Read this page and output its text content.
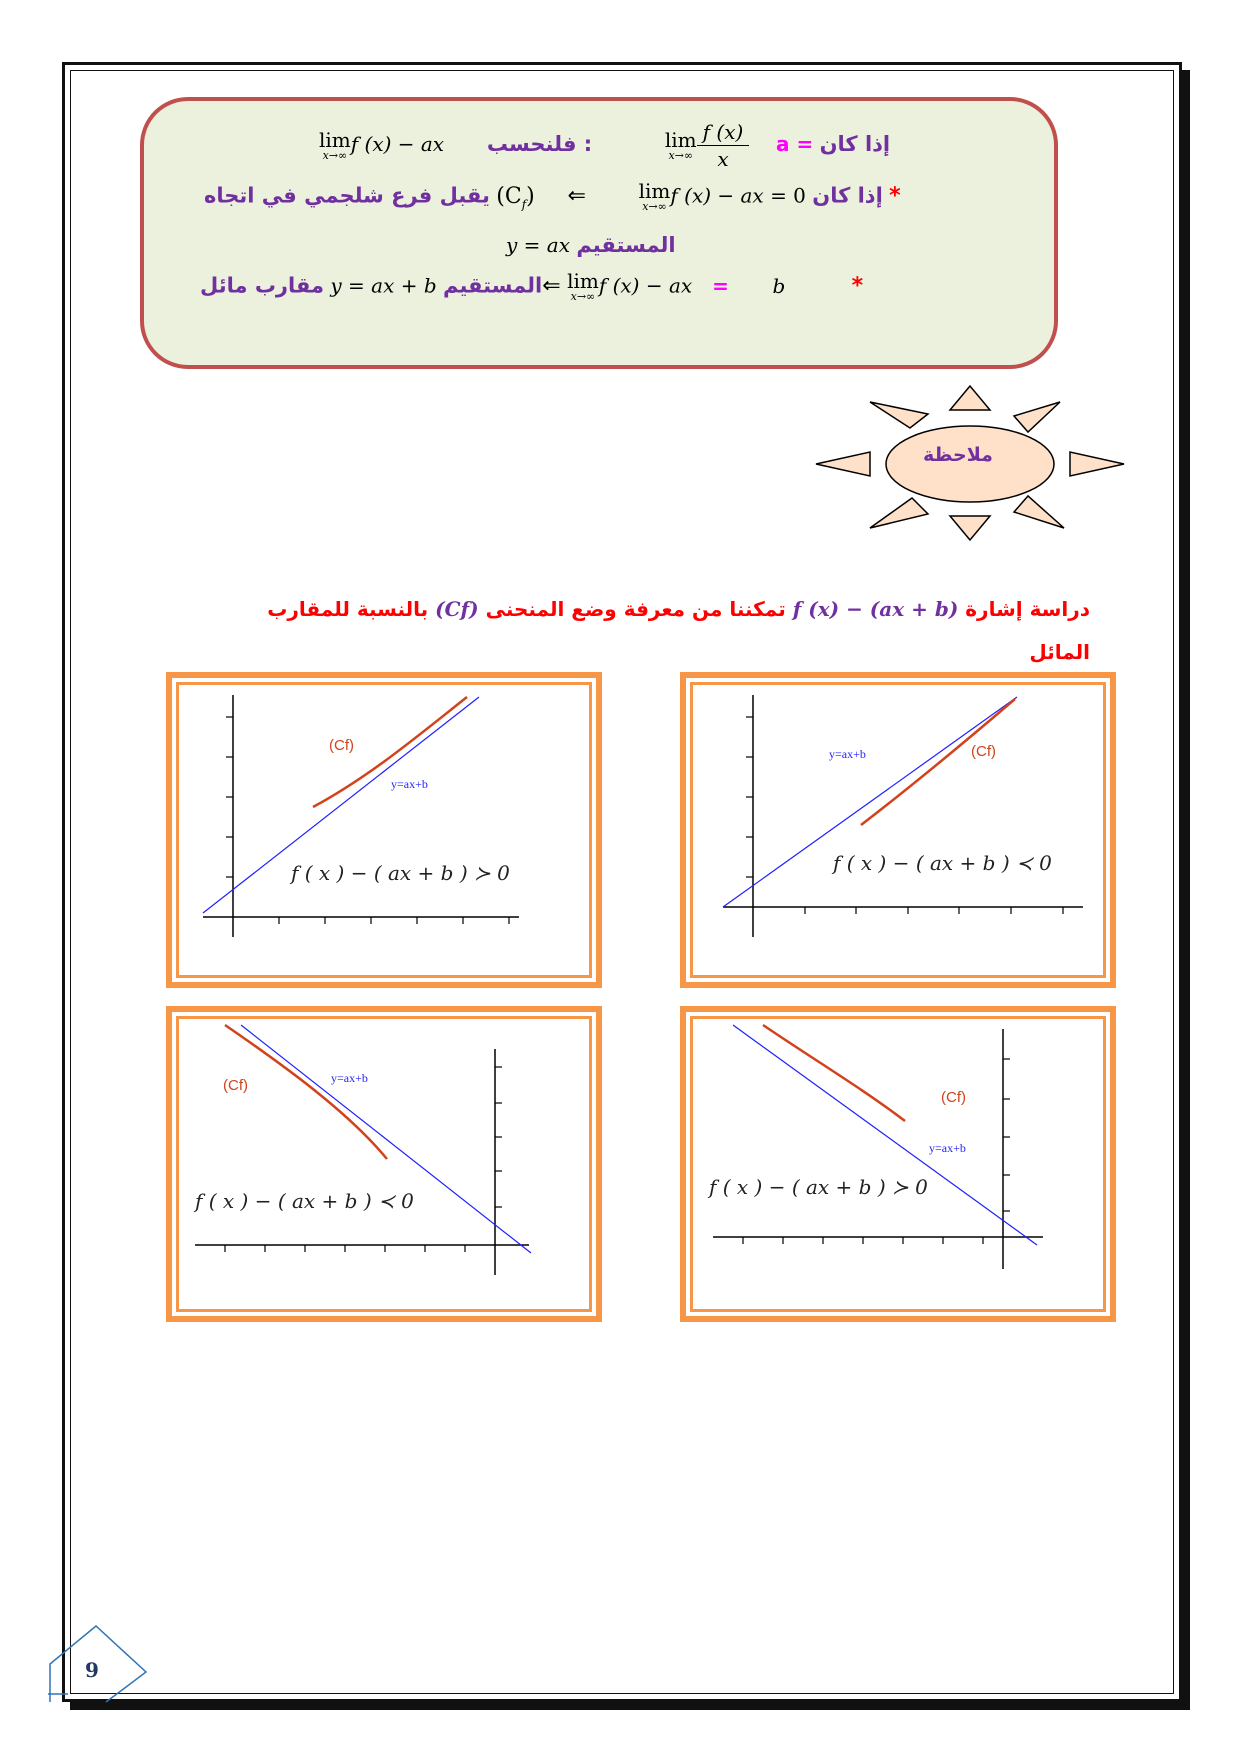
lim
x→∞ f (x) − ax فلنحسب :	lim
$x\to\infty \frac{f (x)}{x}$ a = إذا كان
يقبل فرع شلجمي في اتجاه $(C_f)$ ⇐	lim
x→∞ f (x) − ax = 0 إذا كان *
y = ax المستقيم
مقارب مائل y = ax + b المستقيم⇐ lim
x→∞ f (x) − ax = b	*
ملاحظة
دراسة إشارة f (x) − (ax + b) تمكننا من معرفة وضع المنحنى (Cf) بالنسبة للمقارب
المائل
y=ax+b	(Cf)
f ( x ) − ( ax + b ) ≺ 0
(Cf)
y=ax+b
f ( x ) − ( ax + b ) ≻ 0
(Cf)
y=ax+b
f ( x ) − ( ax + b ) ≻ 0
(Cf)	y=ax+b
f ( x ) − ( ax + b ) ≺ 0
9
